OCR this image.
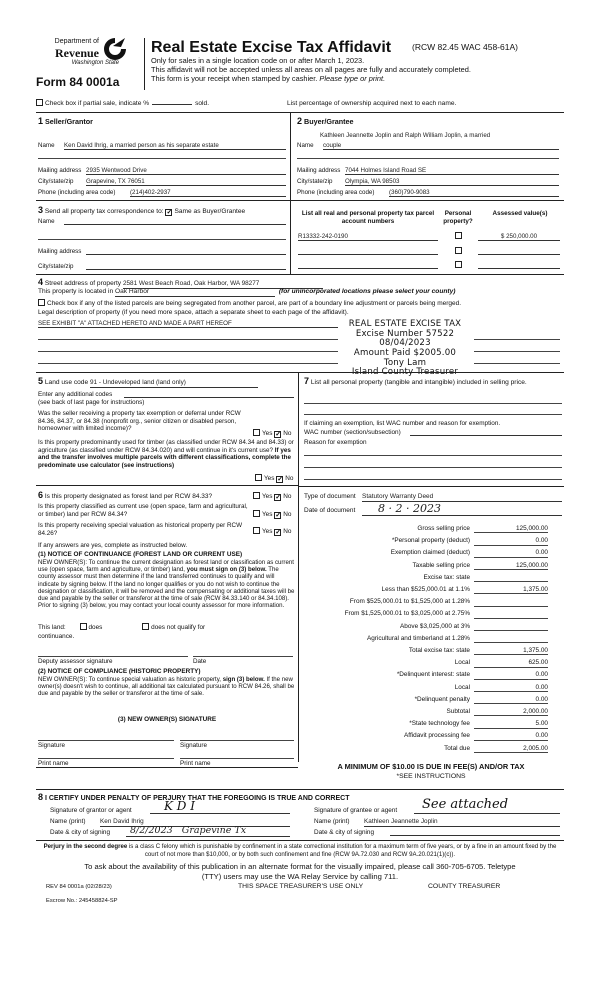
Department of
Revenue
Washington State
Form 84 0001a
Real Estate Excise Tax Affidavit (RCW 82.45 WAC 458-61A)
Only for sales in a single location code on or after March 1, 2023.
This affidavit will not be accepted unless all areas on all pages are fully and accurately completed.
This form is your receipt when stamped by cashier. Please type or print.
Check box if partial sale, indicate %	sold.	List percentage of ownership acquired next to each name.
1 Seller/Grantor
Name Ken David Ihrig, a married person as his separate estate
Mailing address 2935 Wentwood Drive
City/state/zip Grapevine, TX 76051
Phone (including area code) (214)402-2937
2 Buyer/Grantee
Kathleen Jeannette Joplin and Ralph William Joplin, a married
Name couple
Mailing address 7044 Holmes Island Road SE
City/state/zip Olympia, WA 98503
Phone (including area code) (360)790-9083
3 Send all property tax correspondence to: ✓ Same as Buyer/Grantee
Name
Mailing address
City/state/zip
List all real and personal property tax parcel account numbers
Personal property?
Assessed value(s)
R13332-242-0190	$ 250,000.00
4 Street address of property 2581 West Beach Road, Oak Harbor, WA 98277
This property is located in Oak Harbor	(for unincorporated locations please select your county)
Check box if any of the listed parcels are being segregated from another parcel, are part of a boundary line adjustment or parcels being merged.
Legal description of property (if you need more space, attach a separate sheet to each page of the affidavit).
SEE EXHIBIT "A" ATTACHED HERETO AND MADE A PART HEREOF	REAL ESTATE EXCISE TAX
Excise Number 57522
08/04/2023
Amount Paid $2005.00
Tony Lam
Island County Treasurer
5 Land use code 91 - Undeveloped land (land only)
Enter any additional codes
(see back of last page for instructions)
Was the seller receiving a property tax exemption or deferral under RCW 84.36, 84.37, or 84.38 (nonprofit org., senior citizen or disabled person, homeowner with limited income)?
Yes ✓ No
Is this property predominantly used for timber (as classified under RCW 84.34 and 84.33) or agriculture (as classified under RCW 84.34.020) and will continue in it's current use? If yes and the transfer involves multiple parcels with different classifications, complete the predominate use calculator (see instructions)
Yes ✓ No
7 List all personal property (tangible and intangible) included in selling price.
If claiming an exemption, list WAC number and reason for exemption.
WAC number (section/subsection)
Reason for exemption
6 Is this property designated as forest land per RCW 84.33?	Yes ✓ No
Is this property classified as current use (open space, farm and agricultural, or timber) land per RCW 84.34?	Yes ✓ No
Is this property receiving special valuation as historical property per RCW 84.26?	Yes ✓ No
If any answers are yes, complete as instructed below.
(1) NOTICE OF CONTINUANCE (FOREST LAND OR CURRENT USE)
NEW OWNER(S): To continue the current designation as forest land or classification as current use (open space, farm and agriculture, or timber) land, you must sign on (3) below. The county assessor must then determine if the land transferred continues to qualify and will indicate by signing below. If the land no longer qualifies or you do not wish to continue the designation or classification, it will be removed and the compensating or additional taxes will be due and payable by the seller or transferor at the time of sale (RCW 84.33.140 or 84.34.108). Prior to signing (3) below, you may contact your local county assessor for more information.
This land:	does	does not qualify for
continuance.
Deputy assessor signature	Date
(2) NOTICE OF COMPLIANCE (HISTORIC PROPERTY)
NEW OWNER(S): To continue special valuation as historic property, sign (3) below. If the new owner(s) doesn't wish to continue, all additional tax calculated pursuant to RCW 84.26, shall be due and payable by the seller or transferor at the time of sale.
(3) NEW OWNER(S) SIGNATURE
Signature	Signature
Print name	Print name
Type of document Statutory Warranty Deed
Date of document	8 · 2 · 2023
Gross selling price	125,000.00
*Personal property (deduct)	0.00
Exemption claimed (deduct)	0.00
Taxable selling price	125,000.00
Excise tax: state
Less than $525,000.01 at 1.1%	1,375.00
From $525,000.01 to $1,525,000 at 1.28%
From $1,525,000.01 to $3,025,000 at 2.75%
Above $3,025,000 at 3%
Agricultural and timberland at 1.28%
Total excise tax: state	1,375.00
Local	625.00
*Delinquent interest: state	0.00
Local	0.00
*Delinquent penalty	0.00
Subtotal	2,000.00
*State technology fee	5.00
Affidavit processing fee	0.00
Total due	2,005.00
A MINIMUM OF $10.00 IS DUE IN FEE(S) AND/OR TAX
*SEE INSTRUCTIONS
8 I CERTIFY UNDER PENALTY OF PERJURY THAT THE FOREGOING IS TRUE AND CORRECT
Signature of grantor or agent	K D I
Name (print) Ken David Ihrig
Date & city of signing	8/2/2023   Grapevine Tx
Signature of grantee or agent	See attached
Name (print) Kathleen Jeannette Joplin
Date & city of signing
Perjury in the second degree is a class C felony which is punishable by confinement in a state correctional institution for a maximum term of five years, or by a fine in an amount fixed by the court of not more than $10,000, or by both such confinement and fine (RCW 9A.72.030 and RCW 9A.20.021(1)(c)).
To ask about the availability of this publication in an alternate format for the visually impaired, please call 360-705-6705. Teletype
(TTY) users may use the WA Relay Service by calling 711.
REV 84 0001a (02/28/23)	THIS SPACE TREASURER'S USE ONLY	COUNTY TREASURER
Escrow No.: 245458824-SP
